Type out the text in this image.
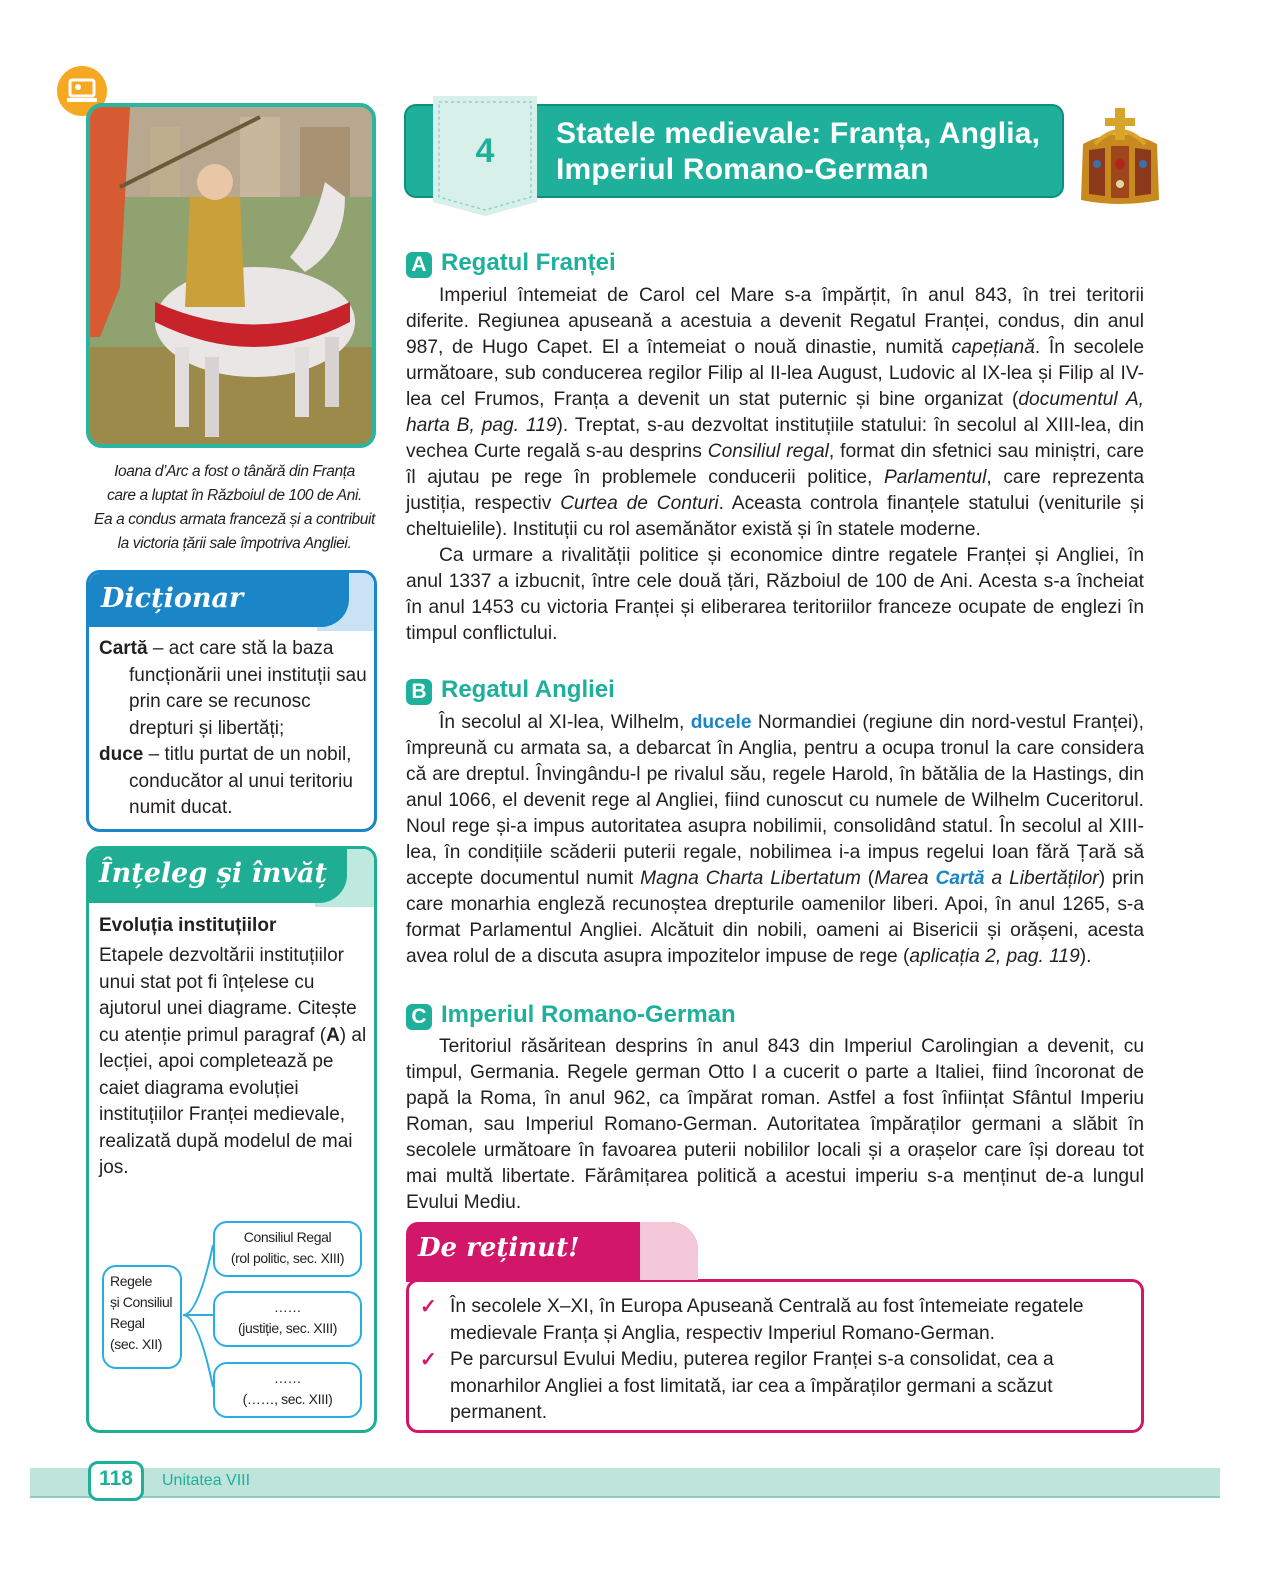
Ioana d’Arc a fost o tânără din Franța
care a luptat în Războiul de 100 de Ani.
Ea a condus armata franceză și a contribuit
la victoria țării sale împotriva Angliei.
Dicționar

Cartă – act care stă la baza funcționării unei instituții sau prin care se recunosc drepturi și libertăți;

duce – titlu purtat de un nobil, conducător al unui teritoriu numit ducat.

Înțeleg și învăț
Evoluția instituțiilor
Etapele dezvoltării instituțiilor unui stat pot fi înțelese cu ajutorul unei diagrame. Citește cu atenție primul paragraf (A) al lecției, apoi completează pe caiet diagrama evoluției instituțiilor Franței medievale, realizată după modelul de mai jos.
Regele
și Consiliul
Regal
(sec. XII)
Consiliul Regal
(rol politic, sec. XIII)
……
(justiție, sec. XIII)
……
(……, sec. XIII)
4	Statele medievale: Franța, Anglia,
Imperiul Romano-German
A Regatul Franței

Imperiul întemeiat de Carol cel Mare s-a împărțit, în anul 843, în trei teritorii diferite. Regiunea apuseană a acestuia a devenit Regatul Franței, condus, din anul 987, de Hugo Capet. El a întemeiat o nouă dinastie, numită capețiană. În secolele următoare, sub conducerea regilor Filip al II-lea August, Ludovic al IX-lea și Filip al IV-lea cel Frumos, Franța a devenit un stat puternic și bine organizat (documentul A, harta B, pag. 119). Treptat, s-au dezvoltat instituțiile statului: în secolul al XIII-lea, din vechea Curte regală s-au desprins Consiliul regal, format din sfetnici sau miniștri, care îl ajutau pe rege în problemele conducerii politice, Parlamentul, care reprezenta justiția, respectiv Curtea de Conturi. Aceasta controla finanțele statului (veniturile și cheltuielile). Instituții cu rol asemănător există și în statele moderne.

Ca urmare a rivalității politice și economice dintre regatele Franței și Angliei, în anul 1337 a izbucnit, între cele două țări, Războiul de 100 de Ani. Acesta s-a încheiat în anul 1453 cu victoria Franței și eliberarea teritoriilor franceze ocupate de englezi în timpul conflictului.

B Regatul Angliei

În secolul al XI-lea, Wilhelm, ducele Normandiei (regiune din nord-vestul Franței), împreună cu armata sa, a debarcat în Anglia, pentru a ocupa tronul la care considera că are dreptul. Învingându-l pe rivalul său, regele Harold, în bătălia de la Hastings, din anul 1066, el devenit rege al Angliei, fiind cunoscut cu numele de Wilhelm Cuceritorul. Noul rege și-a impus autoritatea asupra nobilimii, consolidând statul. În secolul al XIII-lea, în condițiile scăderii puterii regale, nobilimea i-a impus regelui Ioan fără Țară să accepte documentul numit Magna Charta Libertatum (Marea Cartă a Libertăților) prin care monarhia engleză recunoștea drepturile oamenilor liberi. Apoi, în anul 1265, s-a format Parlamentul Angliei. Alcătuit din nobili, oameni ai Bisericii și orășeni, acesta avea rolul de a discuta asupra impozitelor impuse de rege (aplicația 2, pag. 119).

C Imperiul Romano-German

Teritoriul răsăritean desprins în anul 843 din Imperiul Carolingian a devenit, cu timpul, Germania. Regele german Otto I a cucerit o parte a Italiei, fiind încoronat de papă la Roma, în anul 962, ca împărat roman. Astfel a fost înființat Sfântul Imperiu Roman, sau Imperiul Romano-German. Autoritatea împăraților germani a slăbit în secolele următoare în favoarea puterii nobililor locali și a orașelor care își doreau tot mai multă libertate. Fărâmițarea politică a acestui imperiu s-a menținut de-a lungul Evului Mediu.

De reținut!

✓ În secolele X–XI, în Europa Apuseană Centrală au fost întemeiate regatele medievale Franța și Anglia, respectiv Imperiul Romano-German.

✓ Pe parcursul Evului Mediu, puterea regilor Franței s-a consolidat, cea a monarhilor Angliei a fost limitată, iar cea a împăraților germani a scăzut permanent.

118	Unitatea VIII
